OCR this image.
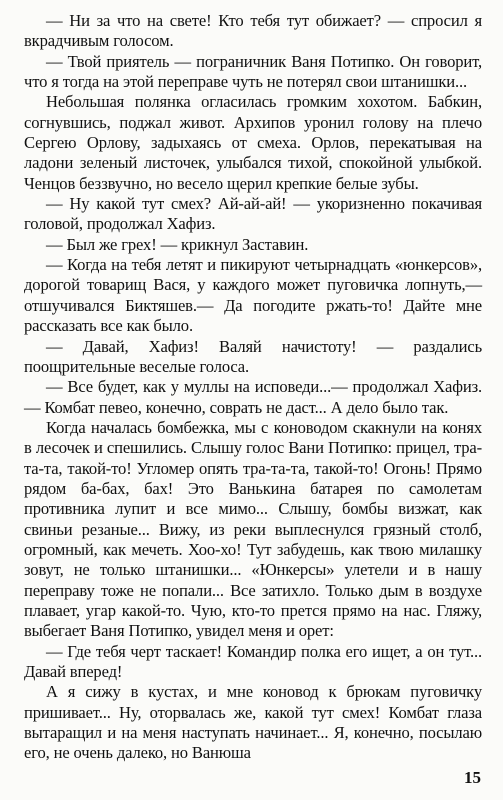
— Ни за что на свете! Кто тебя тут обижает? — спросил я вкрадчивым голосом.

— Твой приятель — пограничник Ваня Потипко. Он говорит, что я тогда на этой переправе чуть не потерял свои штанишки...

Небольшая полянка огласилась громким хохотом. Бабкин, согнувшись, поджал живот. Архипов уронил голову на плечо Сергею Орлову, задыхаясь от смеха. Орлов, перекатывая на ладони зеленый листочек, улыбался тихой, спокойной улыбкой. Ченцов беззвучно, но весело щерил крепкие белые зубы.

— Ну какой тут смех? Ай-ай-ай! — укоризненно покачивая головой, продолжал Хафиз.

— Был же грех! — крикнул Заставин.

— Когда на тебя летят и пикируют четырнадцать «юнкерсов», дорогой товарищ Вася, у каждого может пуговичка лопнуть,— отшучивался Биктяшев.— Да погодите ржать-то! Дайте мне рассказать все как было.

— Давай, Хафиз! Валяй начистоту! — раздались поощрительные веселые голоса.

— Все будет, как у муллы на исповеди...— продолжал Хафиз. — Комбат певео, конечно, соврать не даст... А дело было так.

Когда началась бомбежка, мы с коноводом скакнули на конях в лесочек и спешились. Слышу голос Вани Потипко: прицел, тра-та-та, такой-то! Угломер опять тра-та-та, такой-то! Огонь! Прямо рядом ба-бах, бах! Это Ванькина батарея по самолетам противника лупит и все мимо... Слышу, бомбы визжат, как свиньи резаные... Вижу, из реки выплеснулся грязный столб, огромный, как мечеть. Хоо-хо! Тут забудешь, как твою милашку зовут, не только штанишки... «Юнкерсы» улетели и в нашу переправу тоже не попали... Все затихло. Только дым в воздухе плавает, угар какой-то. Чую, кто-то прется прямо на нас. Гляжу, выбегает Ваня Потипко, увидел меня и орет:

— Где тебя черт таскает! Командир полка его ищет, а он тут... Давай вперед!

А я сижу в кустах, и мне коновод к брюкам пуговичку пришивает... Ну, оторвалась же, какой тут смех! Комбат глаза вытаращил и на меня наступать начинает... Я, конечно, посылаю его, не очень далеко, но Ванюша

15
